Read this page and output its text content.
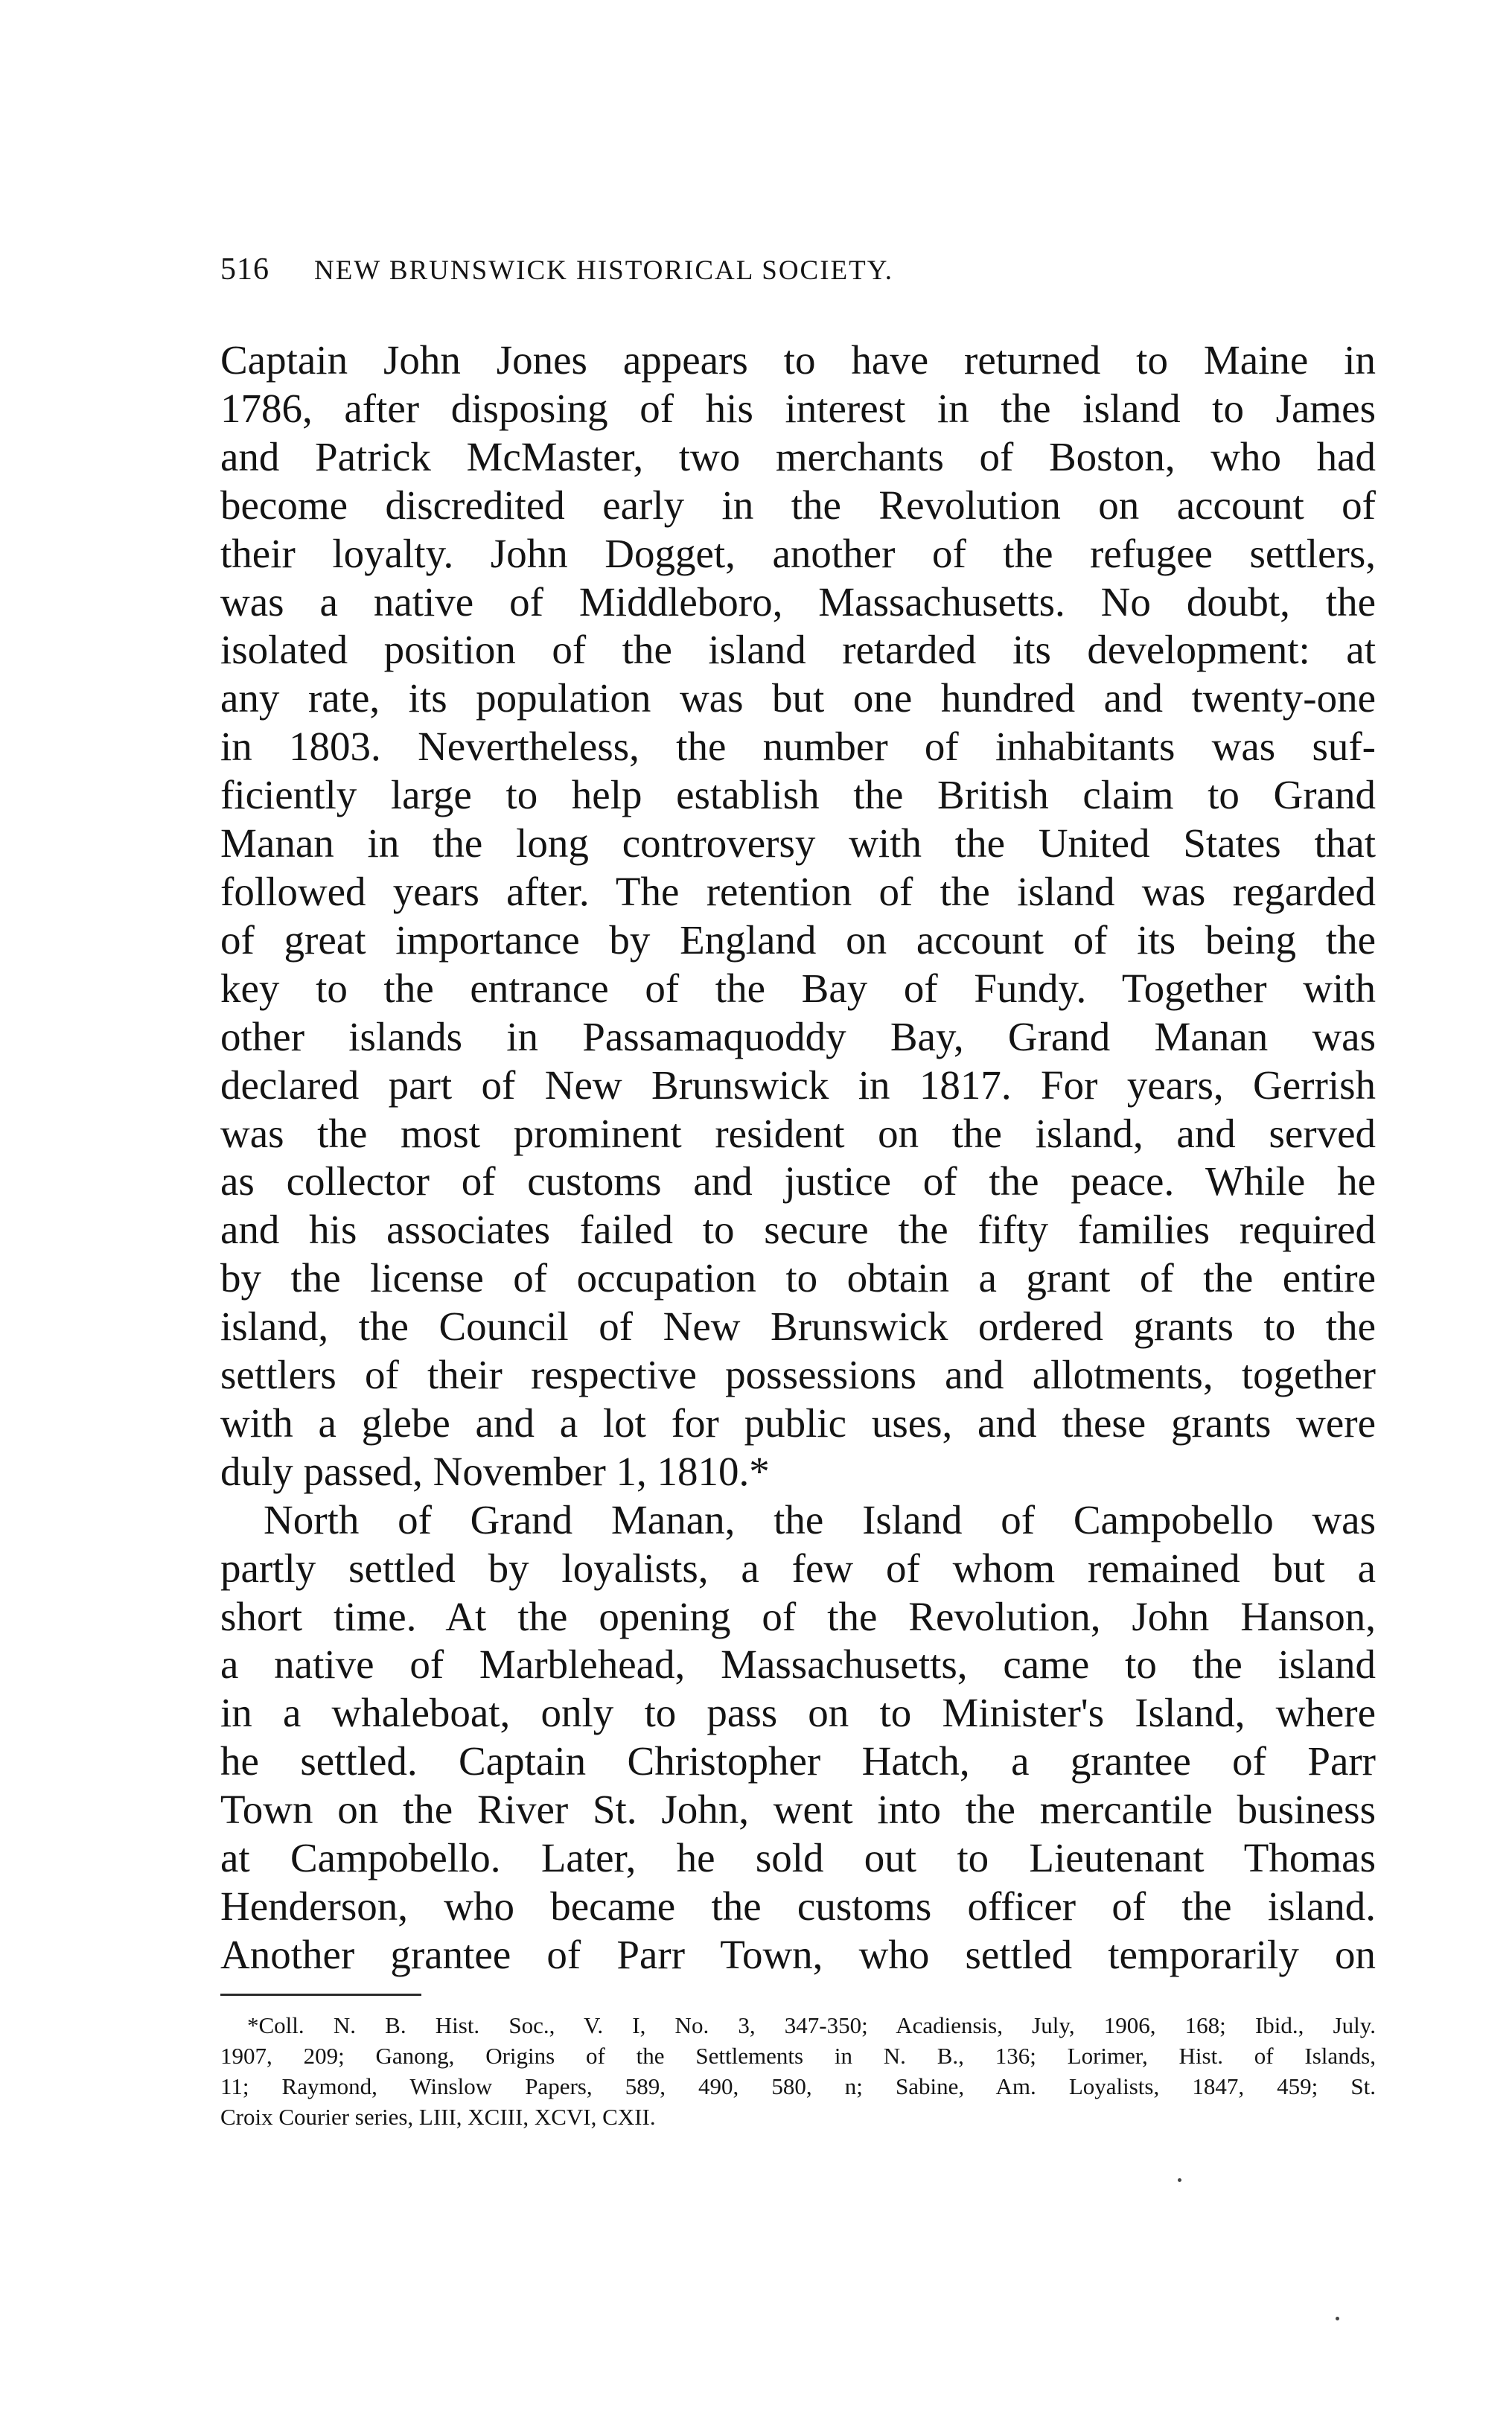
516 NEW BRUNSWICK HISTORICAL SOCIETY.
Captain John Jones appears to have returned to Maine in
1786, after disposing of his interest in the island to James
and Patrick McMaster, two merchants of Boston, who had
become discredited early in the Revolution on account of
their loyalty. John Dogget, another of the refugee settlers,
was a native of Middleboro, Massachusetts. No doubt, the
isolated position of the island retarded its development: at
any rate, its population was but one hundred and twenty-one
in 1803. Nevertheless, the number of inhabitants was suf-
ficiently large to help establish the British claim to Grand
Manan in the long controversy with the United States that
followed years after. The retention of the island was regarded
of great importance by England on account of its being the
key to the entrance of the Bay of Fundy. Together with
other islands in Passamaquoddy Bay, Grand Manan was
declared part of New Brunswick in 1817. For years, Gerrish
was the most prominent resident on the island, and served
as collector of customs and justice of the peace. While he
and his associates failed to secure the fifty families required
by the license of occupation to obtain a grant of the entire
island, the Council of New Brunswick ordered grants to the
settlers of their respective possessions and allotments, together
with a glebe and a lot for public uses, and these grants were
duly passed, November 1, 1810.*
North of Grand Manan, the Island of Campobello was
partly settled by loyalists, a few of whom remained but a
short time. At the opening of the Revolution, John Hanson,
a native of Marblehead, Massachusetts, came to the island
in a whaleboat, only to pass on to Minister's Island, where
he settled. Captain Christopher Hatch, a grantee of Parr
Town on the River St. John, went into the mercantile business
at Campobello. Later, he sold out to Lieutenant Thomas
Henderson, who became the customs officer of the island.
Another grantee of Parr Town, who settled temporarily on
*Coll. N. B. Hist. Soc., V. I, No. 3, 347-350; Acadiensis, July, 1906, 168; Ibid., July.
1907, 209; Ganong, Origins of the Settlements in N. B., 136; Lorimer, Hist. of Islands,
11; Raymond, Winslow Papers, 589, 490, 580, n; Sabine, Am. Loyalists, 1847, 459; St.
Croix Courier series, LIII, XCIII, XCVI, CXII.
